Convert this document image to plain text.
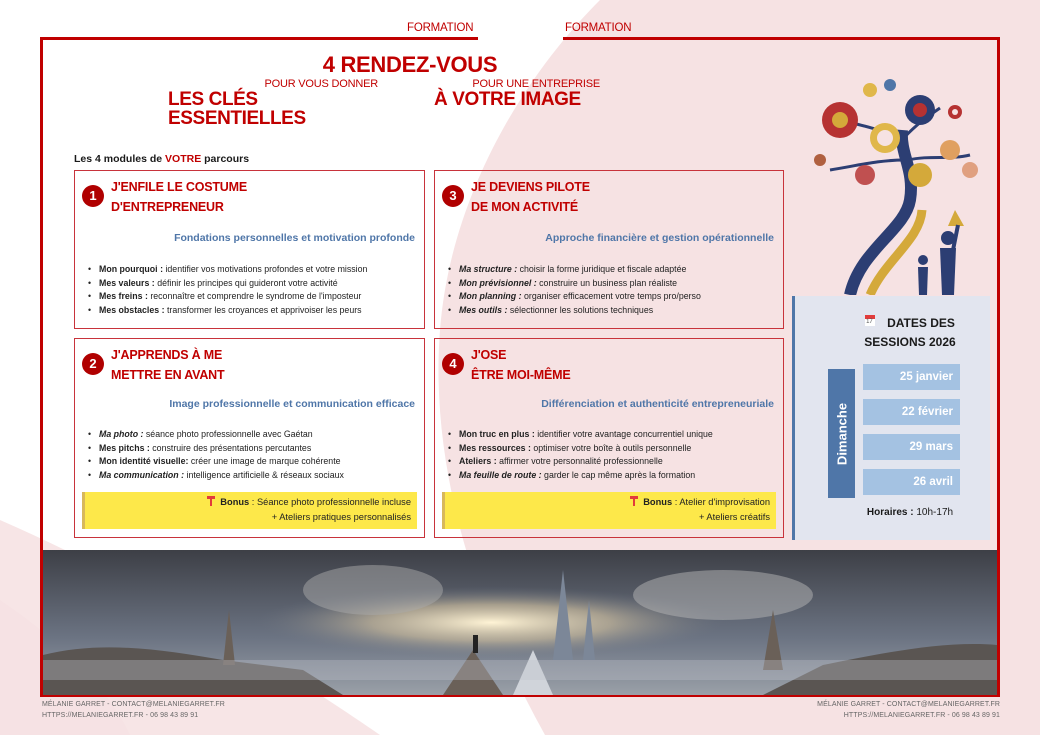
FORMATION	FORMATION
4 RENDEZ-VOUS
POUR VOUS DONNER
LES CLÉS ESSENTIELLES
POUR UNE ENTREPRISE
À VOTRE IMAGE
Les 4 modules de VOTRE parcours
1
J'ENFILE LE COSTUME
D'ENTREPRENEUR
Fondations personnelles et motivation profonde
• Mon pourquoi : identifier vos motivations profondes et votre mission
• Mes valeurs : définir les principes qui guideront votre activité
• Mes freins : reconnaître et comprendre le syndrome de l'imposteur
• Mes obstacles : transformer les croyances et apprivoiser les peurs
3
JE DEVIENS PILOTE
DE MON ACTIVITÉ
Approche financière et gestion opérationnelle
• Ma structure : choisir la forme juridique et fiscale adaptée
• Mon prévisionnel : construire un business plan réaliste
• Mon planning : organiser efficacement votre temps pro/perso
• Mes outils : sélectionner les solutions techniques
2
J'APPRENDS À ME
METTRE EN AVANT
Image professionnelle et communication efficace
• Ma photo : séance photo professionnelle avec Gaétan
• Mes pitchs : construire des présentations percutantes
• Mon identité visuelle: créer une image de marque cohérente
• Ma communication : intelligence artificielle & réseaux sociaux
Bonus : Séance photo professionnelle incluse
+ Ateliers pratiques personnalisés
4
J'OSE
ÊTRE MOI-MÊME
Différenciation et authenticité entrepreneuriale
• Mon truc en plus : identifier votre avantage concurrentiel unique
• Mes ressources : optimiser votre boîte à outils personnelle
• Ateliers : affirmer votre personnalité professionnelle
• Ma feuille de route : garder le cap même après la formation
Bonus : Atelier d'improvisation
+ Ateliers créatifs
17 DATES DES
SESSIONS 2026
Dimanche
25 janvier
22 février
29 mars
26 avril
Horaires : 10h-17h
MÉLANIE GARRET - CONTACT@MELANIEGARRET.FR
HTTPS://MELANIEGARRET.FR - 06 98 43 89 91
MÉLANIE GARRET - CONTACT@MELANIEGARRET.FR
HTTPS://MELANIEGARRET.FR - 06 98 43 89 91
